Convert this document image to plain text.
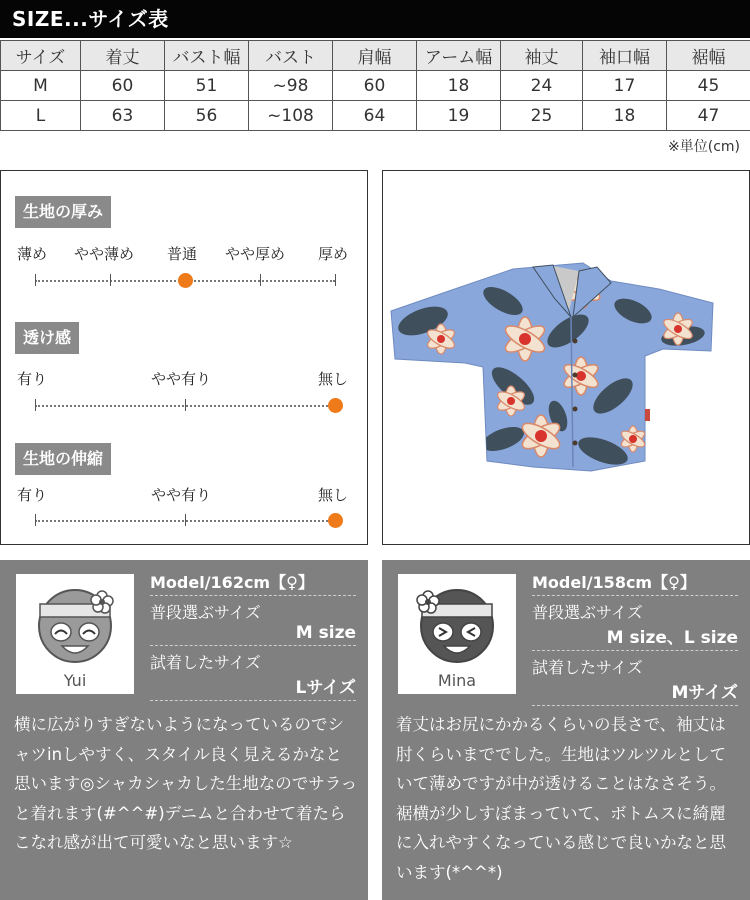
SIZE...サイズ表
サイズ	着丈	バスト幅	バスト	肩幅	アーム幅	袖丈	袖口幅	裾幅
M	60	51	~98	60	18	24	17	45
L	63	56	~108	64	19	25	18	47
※単位(cm)
生地の厚み
薄め やや薄め 普通 やや厚め 厚め
透け感
有り	やや有り	無し
生地の伸縮
有り	やや有り	無し
Yui
Model/162cm【♀】
普段選ぶサイズ
M size
試着したサイズ
Lサイズ
横に広がりすぎないようになっているのでシャツinしやすく、スタイル良く見えるかなと思います◎シャカシャカした生地なのでサラっと着れます(#^^#)デニムと合わせて着たらこなれ感が出て可愛いなと思います☆
Mina
Model/158cm【♀】
普段選ぶサイズ
M size、L size
試着したサイズ
Mサイズ
着丈はお尻にかかるくらいの長さで、袖丈は肘くらいまででした。生地はツルツルとしていて薄めですが中が透けることはなさそう。裾横が少しすぼまっていて、ボトムスに綺麗に入れやすくなっている感じで良いかなと思います(*^^*)
